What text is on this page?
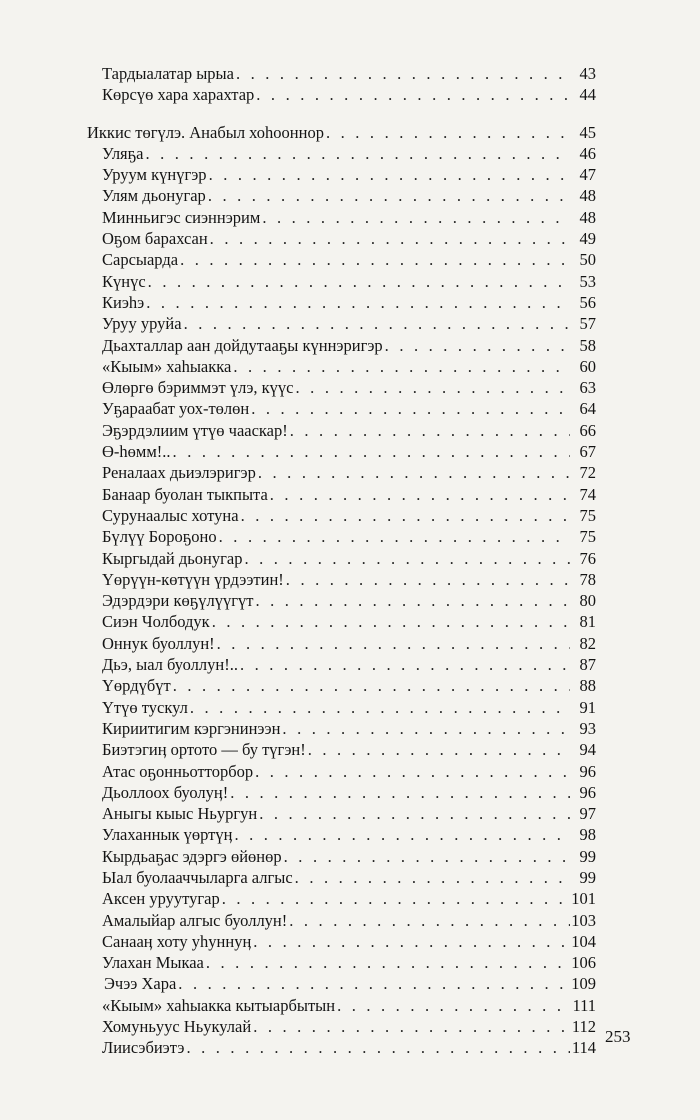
Тардыалатар ырыа . . .	43
Көрсүө хара харахтар . . .	44
Иккис төгүлэ. Анабыл хоһооннор . . .	45
Уляҕа . . .	46
Уруум күнүгэр . . .	47
Улям дьонугар . . .	48
Минньигэс сиэннэрим . . .	48
Оҕом барахсан . . .	49
Сарсыарда . . .	50
Күнүс . . .	53
Киэһэ . . .	56
Уруу уруйа . . .	57
Дьахталлар аан дойдутааҕы күннэригэр . . .	58
«Кыым» хаһыакка . . .	60
Өлөргө бэриммэт үлэ, күүс . . .	63
Уҕараабат уох-төлөн . . .	64
Эҕэрдэлиим үтүө чааскар! . . .	66
Ө-һөмм!.. . . .	67
Реналаах дьиэлэригэр . . .	72
Банаар буолан тыкпыта . . .	74
Сурунаалыс хотуна . . .	75
Бүлүү Бороҕоно . . .	75
Кыргыдай дьонугар . . .	76
Үөрүүн-көтүүн үрдээтин! . . .	78
Эдэрдэри көҕүлүүгүт . . .	80
Сиэн Чолбодук . . .	81
Оннук буоллун! . . .	82
Дьэ, ыал буоллун!.. . . .	87
Үөрдүбүт . . .	88
Үтүө тускул . . .	91
Кириитигим кэргэнинээн . . .	93
Биэтэгиӊ ортото — бу түгэн! . . .	94
Атас оҕонньотторбор . . .	96
Дьоллоох буолуӊ! . . .	96
Аныгы кыыс Ньургун . . .	97
Улаханнык үөртүӊ . . .	98
Кырдьаҕас эдэргэ өйөнөр . . .	99
Ыал буолааччыларга алгыс . . .	99
Аксен уруутугар . . .	101
Амалыйар алгыс буоллун! . . .	103
Санааӊ хоту уһуннуӊ . . .	104
Улахан Мыкаа . . .	106
Эчээ Хара . . .	109
«Кыым» хаһыакка кытыарбытын . . .	111
Хомуньуус Ньукулай . . .	112
Лиисэбиэтэ . . .	114
253
